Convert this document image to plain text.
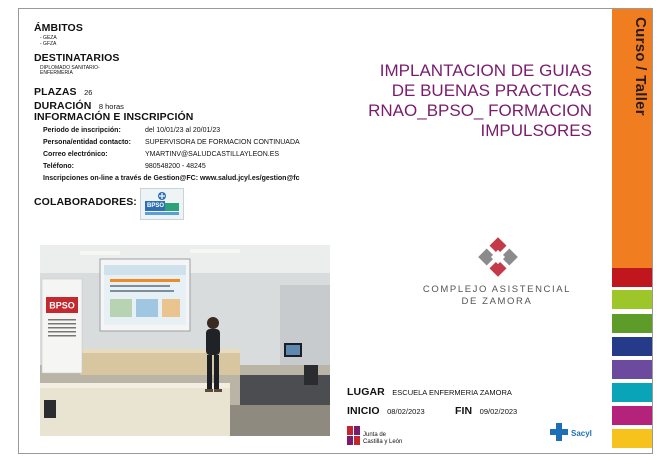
ÁMBITOS
- GEZA
- GFZA
DESTINATARIOS
DIPLOMADO SANITARIO-
ENFERMERIA
PLAZAS 26
DURACIÓN 8 horas
INFORMACIÓN E INSCRIPCIÓN
Periodo de inscripción:	del 10/01/23 al 20/01/23
Persona/entidad contacto: SUPERVISORA DE FORMACION CONTINUADA
Correo electrónico:	YMARTINV@SALUDCASTILLAYLEON.ES
Teléfono:	980548200 - 48245
Inscripciones on-line a través de Gestion@FC: www.salud.jcyl.es/gestion@fc
COLABORADORES: BPSO
IMPLANTACION DE GUIAS
DE BUENAS PRACTICAS
RNAO_BPSO_ FORMACION
IMPULSORES
Curso / Taller
COMPLEJO ASISTENCIAL
DE ZAMORA
BPSO
LUGAR ESCUELA ENFERMERIA ZAMORA
INICIO 08/02/2023	FIN 09/02/2023
Junta de
Castilla y León
Sacyl
